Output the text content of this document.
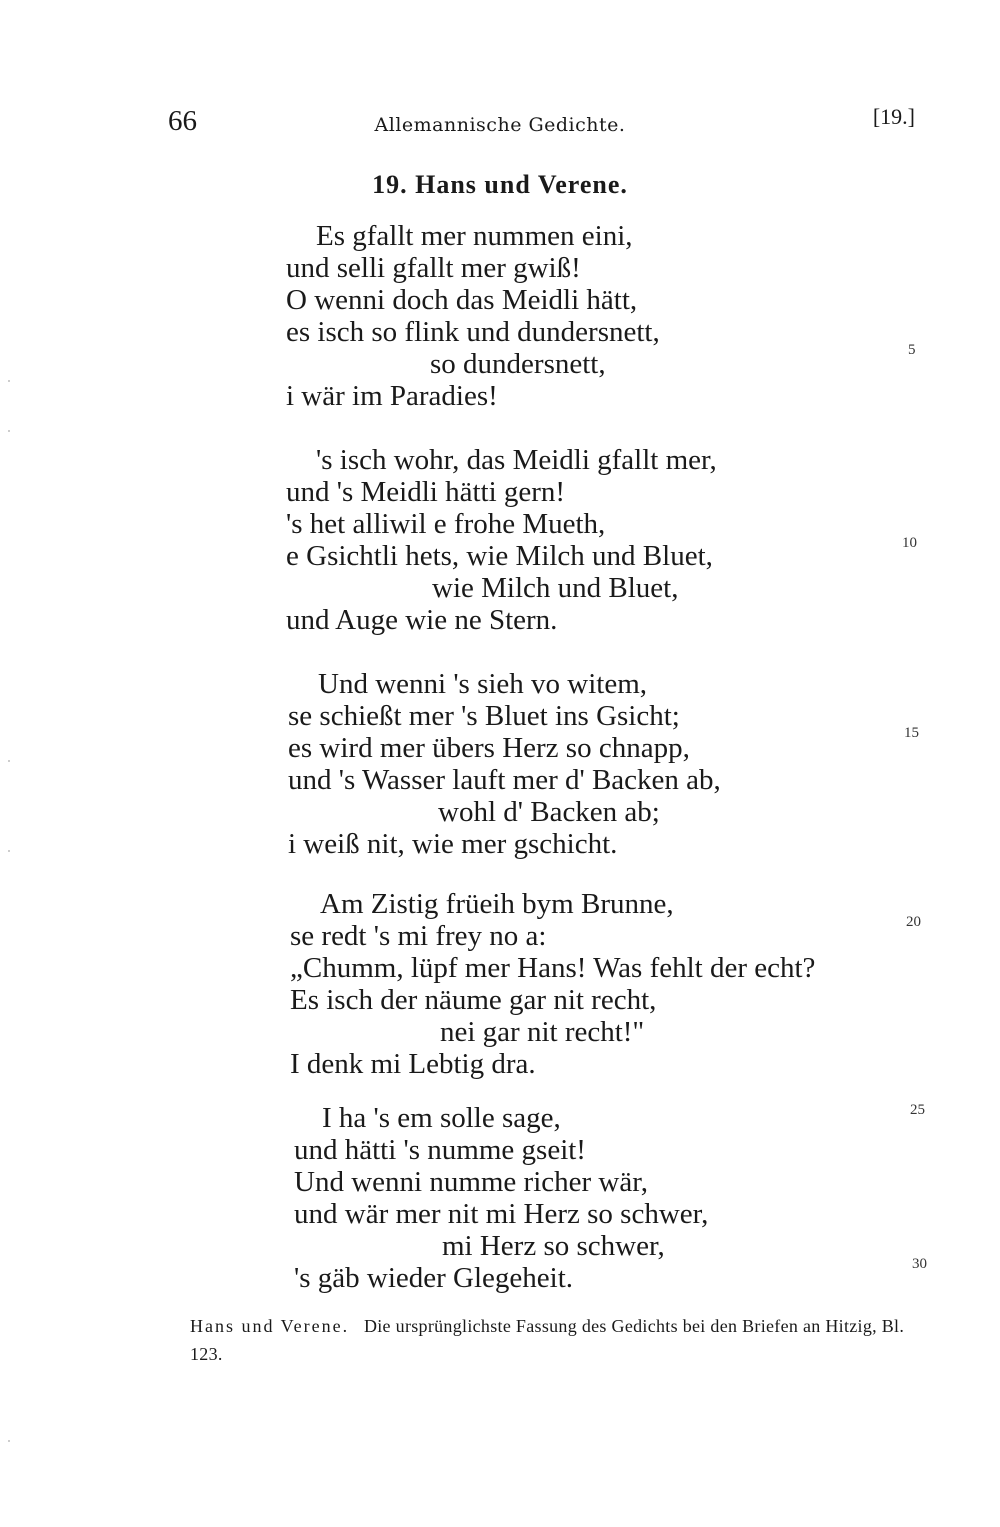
66	Allemannische Gedichte.	[19.]
19. Hans und Verene.
Es gfallt mer nummen eini,
und selli gfallt mer gwiß!
O wenni doch das Meidli hätt,
es isch so flink und dundersnett,
so dundersnett,
i wär im Paradies!
5
's isch wohr, das Meidli gfallt mer,
und 's Meidli hätti gern!
's het alliwil e frohe Mueth,
e Gsichtli hets, wie Milch und Bluet,
wie Milch und Bluet,
und Auge wie ne Stern.
10
Und wenni 's sieh vo witem,
se schießt mer 's Bluet ins Gsicht;
es wird mer übers Herz so chnapp,
und 's Wasser lauft mer d' Backen ab,
wohl d' Backen ab;
i weiß nit, wie mer gschicht.
15
Am Zistig früeih bym Brunne,
se redt 's mi frey no a:
„Chumm, lüpf mer Hans! Was fehlt der echt?
Es isch der näume gar nit recht,
nei gar nit recht!"
I denk mi Lebtig dra.
20
I ha 's em solle sage,
und hätti 's numme gseit!
Und wenni numme richer wär,
und wär mer nit mi Herz so schwer,
mi Herz so schwer,
's gäb wieder Glegeheit.
25
30
Hans und Verene. Die ursprünglichste Fassung des Gedichts bei den Briefen an Hitzig, Bl. 123.
